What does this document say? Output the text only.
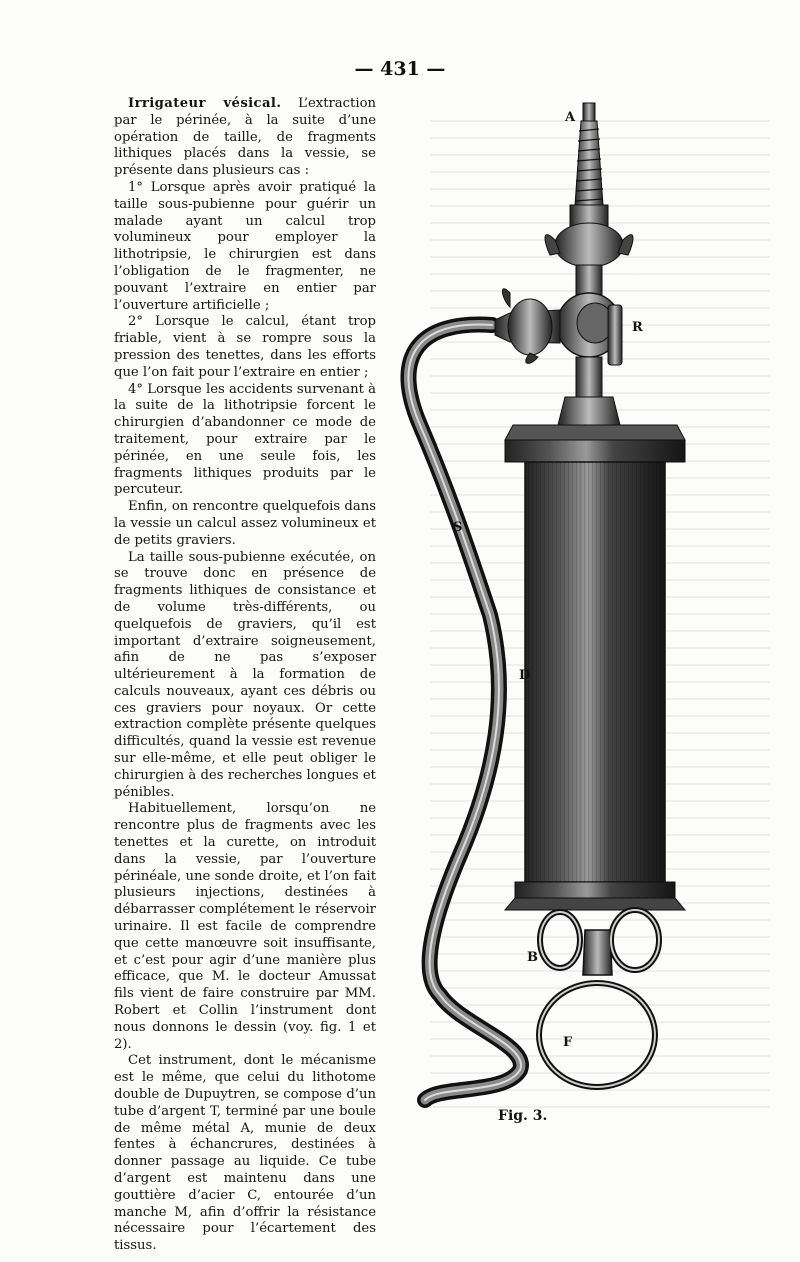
— 431 —

Irrigateur vésical. L’extraction par le périnée, à la suite d’une opération de taille, de fragments lithiques placés dans la vessie, se présente dans plusieurs cas :

1° Lorsque après avoir pratiqué la taille sous-pubienne pour guérir un malade ayant un calcul trop volumineux pour employer la lithotripsie, le chirurgien est dans l’obligation de le fragmenter, ne pouvant l’extraire en entier par l’ouverture artificielle ;

2° Lorsque le calcul, étant trop friable, vient à se rompre sous la pression des tenettes, dans les efforts que l’on fait pour l’extraire en entier ;

4° Lorsque les accidents survenant à la suite de la lithotripsie forcent le chirurgien d’abandonner ce mode de traitement, pour extraire par le périnée, en une seule fois, les fragments lithiques produits par le percuteur.

Enfin, on rencontre quelquefois dans la vessie un calcul assez volumineux et de petits graviers.

La taille sous-pubienne exécutée, on se trouve donc en présence de fragments lithiques de consistance et de volume très-différents, ou quelquefois de graviers, qu’il est important d’extraire soigneusement, afin de ne pas s’exposer ultérieurement à la formation de calculs nouveaux, ayant ces débris ou ces graviers pour noyaux. Or cette extraction complète présente quelques difficultés, quand la vessie est revenue sur elle-même, et elle peut obliger le chirurgien à des recherches longues et pénibles.

Habituellement, lorsqu’on ne rencontre plus de fragments avec les tenettes et la curette, on introduit dans la vessie, par l’ouverture périnéale, une sonde droite, et l’on fait plusieurs injections, destinées à débarrasser complétement le réservoir urinaire. Il est facile de comprendre que cette manœuvre soit insuffisante, et c’est pour agir d’une manière plus efficace, que M. le docteur Amussat fils vient de faire construire par MM. Robert et Collin l’instrument dont nous donnons le dessin (voy. fig. 1 et 2).

Cet instrument, dont le mécanisme est le même, que celui du lithotome double de Dupuytren, se compose d’un tube d’argent T, terminé par une boule de même métal A, munie de deux fentes à échancrures, destinées à donner passage au liquide. Ce tube d’argent est maintenu dans une gouttière d’acier C, entourée d’un manche M, afin d’offrir la résistance nécessaire pour l’écartement des tissus.

A
R
S
D
B
F
Fig. 3.
